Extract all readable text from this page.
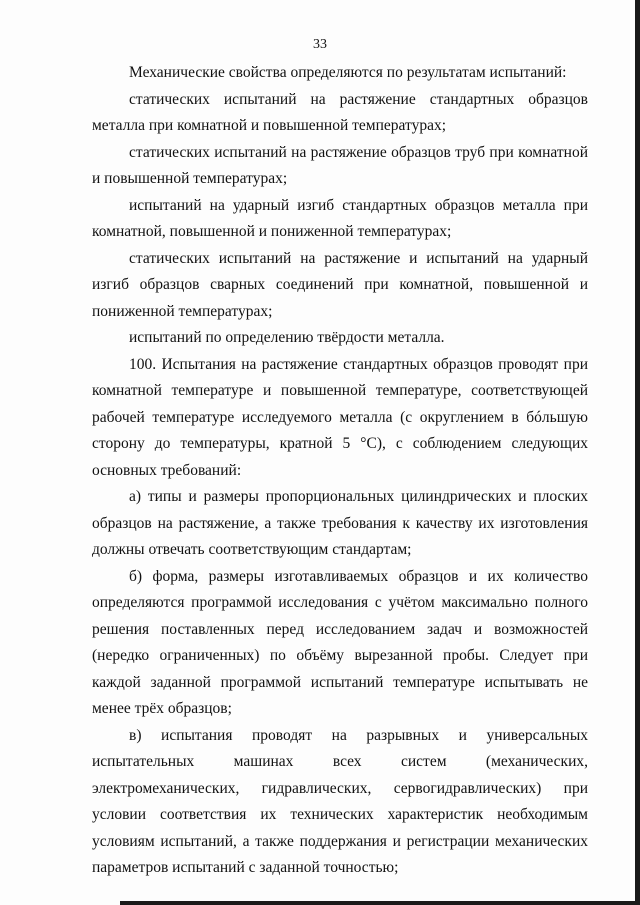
33

Механические свойства определяются по результатам испытаний:

статических испытаний на растяжение стандартных образцов металла при комнатной и повышенной температурах;

статических испытаний на растяжение образцов труб при комнатной и повышенной температурах;

испытаний на ударный изгиб стандартных образцов металла при комнатной, повышенной и пониженной температурах;

статических испытаний на растяжение и испытаний на ударный изгиб образцов сварных соединений при комнатной, повышенной и пониженной температурах;

испытаний по определению твёрдости металла.

100. Испытания на растяжение стандартных образцов проводят при комнатной температуре и повышенной температуре, соответствующей рабочей температуре исследуемого металла (с округлением в бóльшую сторону до температуры, кратной 5 °С), с соблюдением следующих основных требований:

а) типы и размеры пропорциональных цилиндрических и плоских образцов на растяжение, а также требования к качеству их изготовления должны отвечать соответствующим стандартам;

б) форма, размеры изготавливаемых образцов и их количество определяются программой исследования с учётом максимально полного решения поставленных перед исследованием задач и возможностей (нередко ограниченных) по объёму вырезанной пробы. Следует при каждой заданной программой испытаний температуре испытывать не менее трёх образцов;

в) испытания проводят на разрывных и универсальных испытательных машинах всех систем (механических, электромеханических, гидравлических, сервогидравлических) при условии соответствия их технических характеристик необходимым условиям испытаний, а также поддержания и регистрации механических параметров испытаний с заданной точностью;
